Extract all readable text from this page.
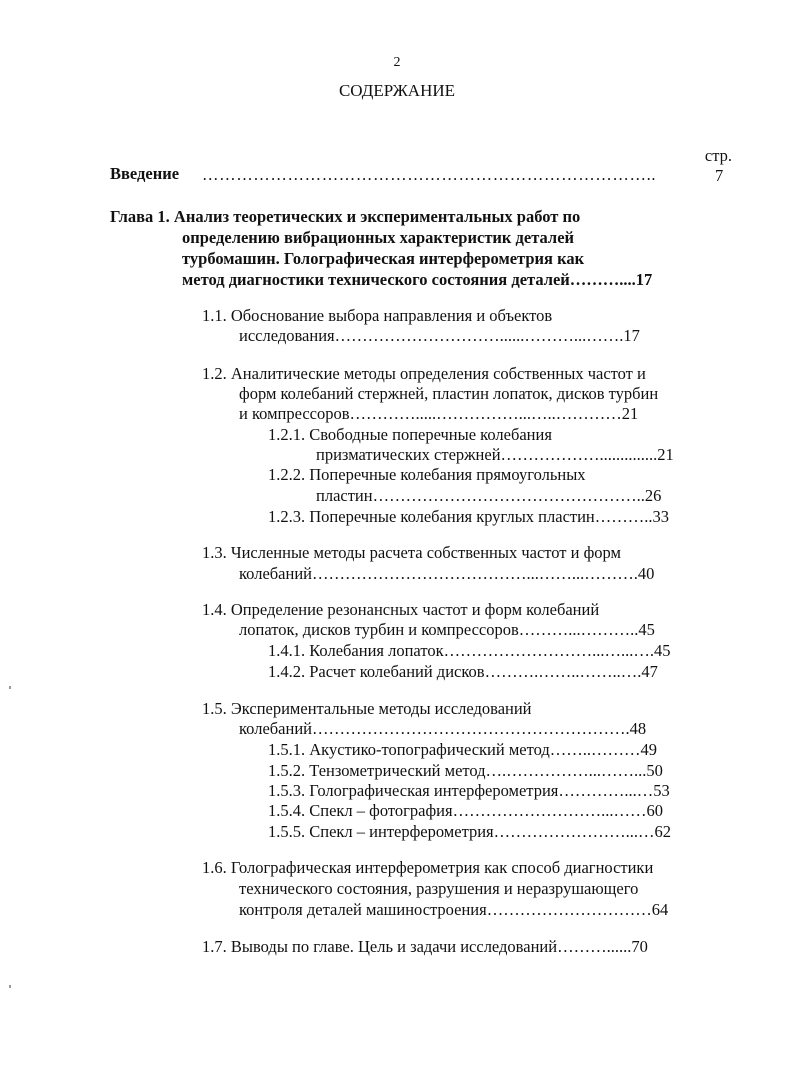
2
СОДЕРЖАНИЕ
стр.
Введение ……………………………………………………………………..	7
Глава 1. Анализ теоретических и экспериментальных работ по
определению вибрационных характеристик деталей
турбомашин. Голографическая интерферометрия как
метод диагностики технического состояния деталей………....17
1.1. Обоснование выбора направления и объектов
исследования…………………………......………...…….17
1.2. Аналитические методы определения собственных частот и
форм колебаний стержней, пластин лопаток, дисков турбин
и компрессоров………….....……………...…..…………21
1.2.1. Свободные поперечные колебания
призматических стержней………………..............21
1.2.2. Поперечные колебания прямоугольных
пластин…………………………………………..26
1.2.3. Поперечные колебания круглых пластин………..33
1.3. Численные методы расчета собственных частот и форм
колебаний…………………………………...……...……….40
1.4. Определение резонансных частот и форм колебаний
лопаток, дисков турбин и компрессоров………...………..45
1.4.1. Колебания лопаток………………………...…...….45
1.4.2. Расчет колебаний дисков……….……..……..….47
1.5. Экспериментальные методы исследований
колебаний………………………………………………….48
1.5.1. Акустико-топографический метод……..………49
1.5.2. Тензометрический метод….……………...……...50
1.5.3. Голографическая интерферометрия…………...…53
1.5.4. Спекл – фотография………………………...……60
1.5.5. Спекл – интерферометрия……………………...…62
1.6. Голографическая интерферометрия как способ диагностики
технического состояния, разрушения и неразрушающего
контроля деталей машиностроения…………………………64
1.7. Выводы по главе. Цель и задачи исследований………......70
